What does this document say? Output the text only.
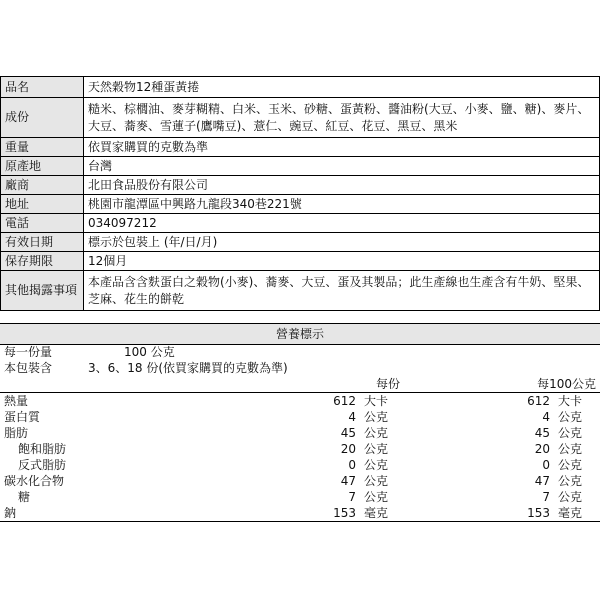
品名	天然穀物12種蛋黃捲
成份	糙米、棕櫚油、麥芽糊精、白米、玉米、砂糖、蛋黃粉、醬油粉(大豆、小麥、鹽、糖)、麥片、大豆、蕎麥、雪蓮子(鷹嘴豆)、薏仁、豌豆、紅豆、花豆、黑豆、黑米
重量	依買家購買的克數為準
原產地	台灣
廠商	北田食品股份有限公司
地址	桃園市龍潭區中興路九龍段340巷221號
電話	034097212
有效日期	標示於包裝上 (年/日/月)
保存期限	12個月
其他揭露事項	本產品含含麩蛋白之穀物(小麥)、蕎麥、大豆、蛋及其製品；此生產線也生產含有牛奶、堅果、芝麻、花生的餅乾
營養標示
每一份量	100 公克
本包裝含	3、6、18 份(依買家購買的克數為準)
	每份		每100公克	
熱量	612	大卡	612	大卡
蛋白質	4	公克	4	公克
脂肪	45	公克	45	公克
飽和脂肪	20	公克	20	公克
反式脂肪	0	公克	0	公克
碳水化合物	47	公克	47	公克
糖	7	公克	7	公克
鈉	153	毫克	153	毫克
